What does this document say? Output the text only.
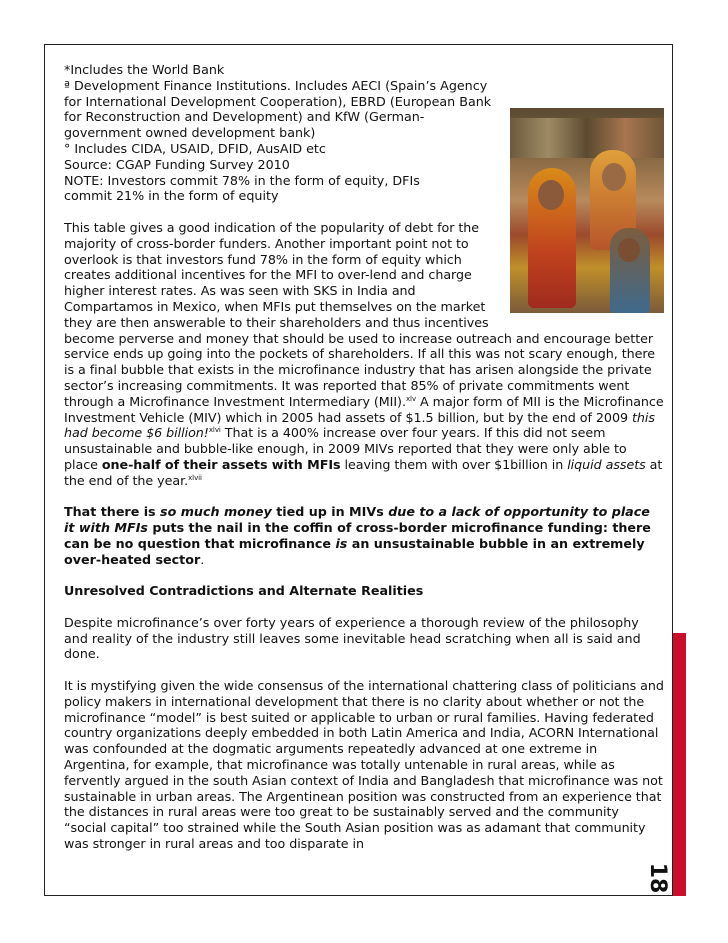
18

*Includes the World Bank

ª Development Finance Institutions. Includes AECI (Spain’s Agency for International Development Cooperation), EBRD (European Bank for Reconstruction and Development) and KfW (German-government owned development bank)

° Includes CIDA, USAID, DFID, AusAID etc

Source: CGAP Funding Survey 2010

NOTE: Investors commit 78% in the form of equity, DFIs commit 21% in the form of equity

This table gives a good indication of the popularity of debt for the majority of cross-border funders. Another important point not to overlook is that investors fund 78% in the form of equity which creates additional incentives for the MFI to over-lend and charge higher interest rates. As was seen with SKS in India and Compartamos in Mexico, when MFIs put themselves on the market they are then answerable to their shareholders and thus incentives become perverse and money that should be used to increase outreach and encourage better service ends up going into the pockets of shareholders. If all this was not scary enough, there is a final bubble that exists in the microfinance industry that has arisen alongside the private sector’s increasing commitments. It was reported that 85% of private commitments went through a Microfinance Investment Intermediary (MII).$^{xlv}$ A major form of MII is the Microfinance Investment Vehicle (MIV) which in 2005 had assets of $1.5 billion, but by the end of 2009 this had become $6 billion!$^{xlvi}$ That is a 400% increase over four years. If this did not seem unsustainable and bubble-like enough, in 2009 MIVs reported that they were only able to place one-half of their assets with MFIs leaving them with over $1billion in liquid assets at the end of the year.$^{xlvii}$

That there is so much money tied up in MIVs due to a lack of opportunity to place it with MFIs puts the nail in the coffin of cross-border microfinance funding: there can be no question that microfinance is an unsustainable bubble in an extremely over-heated sector.

Unresolved Contradictions and Alternate Realities

Despite microfinance’s over forty years of experience a thorough review of the philosophy and reality of the industry still leaves some inevitable head scratching when all is said and done.

It is mystifying given the wide consensus of the international chattering class of politicians and policy makers in international development that there is no clarity about whether or not the microfinance “model” is best suited or applicable to urban or rural families. Having federated country organizations deeply embedded in both Latin America and India, ACORN International was confounded at the dogmatic arguments repeatedly advanced at one extreme in Argentina, for example, that microfinance was totally untenable in rural areas, while as fervently argued in the south Asian context of India and Bangladesh that microfinance was not sustainable in urban areas. The Argentinean position was constructed from an experience that the distances in rural areas were too great to be sustainably served and the community “social capital” too strained while the South Asian position was as adamant that community was stronger in rural areas and too disparate in
